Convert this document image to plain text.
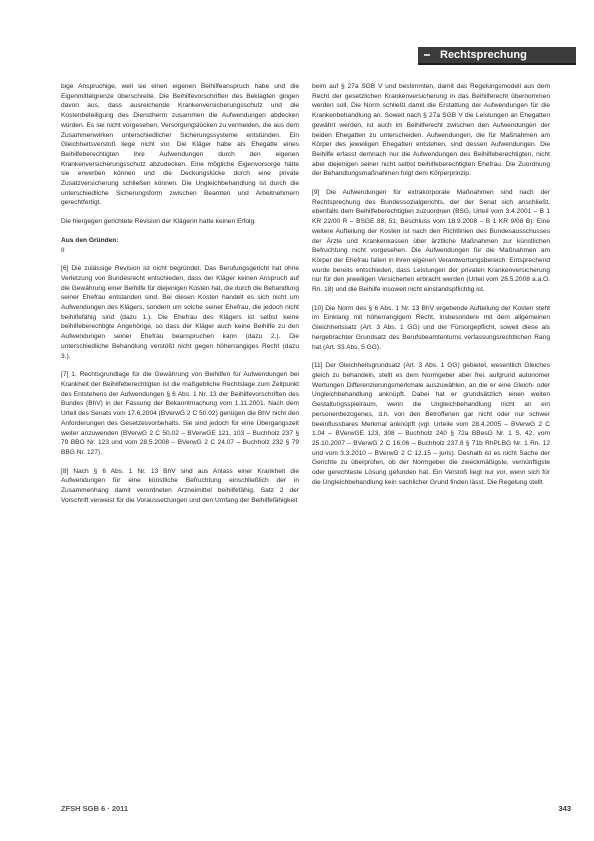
Rechtsprechung

bige Anspruchige, weil sie einen eigenen Beihilfeanspruch habe und die Eigenmittelgrenze überschreite. Die Beihilfevorschriften des Beklagten gingen davon aus, dass ausreichende Krankenversicherungsschutz und die Kostenbeteiligung des Dienstherrn zusammen die Aufwendungen abdecken würden. Es sei nicht vorgesehen, Versorgungslücken zu vermeiden, die aus dem Zusammenwirken unterschiedlicher Sicherungssysteme entstünden. Ein Gleichheitsverstoß liege nicht vor. Die Kläger habe als Ehegatte eines Beihilfeberechtigten ihre Aufwendungen durch den eigenen Krankenversicherungsschutz abzudecken. Eine mögliche Eigenvorsorge hätte sie erwerben können und die Deckungslücke durch eine private Zusatzversicherung schließen können. Die Ungleichbehandlung ist durch die unterschiedliche Sicherungsform zwischen Beamten und Arbeitnehmern gerechtfertigt.

Die hiergegen gerichtete Revision der Klägerin hatte keinen Erfolg.

Aus den Gründen:
II

[6] Die zulässige Revision ist nicht begründet. Das Berufungsgericht hat ohne Verletzung von Bundesrecht entschieden, dass der Kläger keinen Anspruch auf die Gewährung einer Beihilfe für diejenigen Kosten hat, die durch die Behandlung seiner Ehefrau entstanden sind. Bei diesen Kosten handelt es sich nicht um Aufwendungen des Klägers, sondern um solche seiner Ehefrau, die jedoch nicht beihilfefähig sind (dazu 1.). Die Ehefrau des Klägers ist selbst keine beihilfeberechtigte Angehörige, so dass der Kläger auch keine Beihilfe zu den Aufwendungen seiner Ehefrau beanspruchen kann (dazu 2.). Die unterschiedliche Behandlung verstößt nicht gegen höherrangiges Recht (dazu 3.).

[7] 1. Rechtsgrundlage für die Gewährung von Beihilfen für Aufwendungen bei Krankheit der Beihilfeberechtigten ist die maßgebliche Rechtslage zum Zeitpunkt des Entstehens der Aufwendungen § 6 Abs. 1 Nr. 13 der Beihilfevorschriften des Bundes (BhV) in der Fassung der Bekanntmachung vom 1.11.2001. Nach dem Urteil des Senats vom 17.6.2004 (BVerwG 2 C 50.02) genügen die BhV nicht den Anforderungen des Gesetzesvorbehalts. Sie sind jedoch für eine Übergangszeit weiter anzuwenden (BVerwG 2 C 50.02 – BVerwGE 121, 103 – Buchholz 237 § 79 BBG Nr. 123 und vom 28.5.2008 – BVerwG 2 C 24.07 – Buchholz 232 § 79 BBG Nr. 127).

[8] Nach § 6 Abs. 1 Nr. 13 BhV sind aus Anlass einer Krankheit die Aufwendungen für eine künstliche Befruchtung einschließlich der in Zusammenhang damit verordneten Arzneimittel beihilfefähig. Satz 2 der Vorschrift verweist für die Voraussetzungen und den Umfang der Beihilfefähigkeit

beim auf § 27a SGB V und bestimmten, damit das Regelungsmodell aus dem Recht der gesetzlichen Krankenversicherung in das Beihilferecht übernommen werden soll. Die Norm schließt damit die Erstattung der Aufwendungen für die Krankenbehandlung an. Soweit nach § 27a SGB V die Leistungen an Ehegatten gewährt werden, ist auch im Beihilferecht zwischen den Aufwendungen der beiden Ehegatten zu unterscheiden. Aufwendungen, die für Maßnahmen am Körper des jeweiligen Ehegatten entstehen, sind dessen Aufwendungen. Die Beihilfe erfasst demnach nur die Aufwendungen des Beihilfeberechtigten, nicht aber diejenigen seiner nicht selbst beihilfeberechtigten Ehefrau. Die Zuordnung der Behandlungsmaßnahmen folgt dem Körperprinzip.

[9] Die Aufwendungen für extrakorporale Maßnahmen sind nach der Rechtsprechung des Bundessozialgerichts, der der Senat sich anschließt, ebenfalls dem Beihilfeberechtigten zuzuordnen (BSG, Urteil vom 3.4.2001 – B 1 KR 22/00 R – BSGE 88, 51; Beschluss vom 18.9.2008 – B 1 KR 9/08 B). Eine weitere Aufteilung der Kosten ist nach den Richtlinien des Bundesausschusses der Ärzte und Krankenkassen über ärztliche Maßnahmen zur künstlichen Befruchtung nicht vorgesehen. Die Aufwendungen für die Maßnahmen am Körper der Ehefrau fallen in ihren eigenen Verantwortungsbereich. Entsprechend wurde bereits entschieden, dass Leistungen der privaten Krankenversicherung nur für den jeweiligen Versicherten erbracht werden (Urteil vom 28.5.2008 a.a.O. Rn. 18) und die Beihilfe insoweit nicht einstandspflichtig ist.

[10] Die Norm des § 6 Abs. 1 Nr. 13 BhV ergebende Aufteilung der Kosten steht im Einklang mit höherrangigem Recht, insbesondere mit dem allgemeinen Gleichheitssatz (Art. 3 Abs. 1 GG) und der Fürsorgepflicht, soweit diese als hergebrachter Grundsatz des Berufsbeamtentums verfassungsrechtlichen Rang hat (Art. 33 Abs. 5 GG).

[11] Der Gleichheitsgrundsatz (Art. 3 Abs. 1 GG) gebietet, wesentlich Gleiches gleich zu behandeln, stellt es dem Normgeber aber frei, aufgrund autonomer Wertungen Differenzierungsmerkmale auszuwählen, an die er eine Gleich- oder Ungleichbehandlung anknüpft. Dabei hat er grundsätzlich einen weiten Gestaltungsspielraum, wenn die Ungleichbehandlung nicht an ein personenbezogenes, d.h. von den Betroffenen gar nicht oder nur schwer beeinflussbares Merkmal anknüpft (vgl. Urteile vom 28.4.2005 – BVerwG 2 C 1.04 – BVerwGE 123, 308 – Buchholz 240 § 72a BBesG Nr. 1 S. 42, vom 25.10.2007 – BVerwG 2 C 16.06 – Buchholz 237.8 § 71b RhPLBG Nr. 1 Rn. 12 und vom 3.3.2010 – BVerwG 2 C 12.15 – juris). Deshalb ist es nicht Sache der Gerichte zu überprüfen, ob der Normgeber die zweckmäßigste, vernünftigste oder gerechteste Lösung gefunden hat. Ein Verstoß liegt nur vor, wenn sich für die Ungleichbehandlung kein sachlicher Grund finden lässt. Die Regelung stellt

ZFSH SGB 6 · 2011	343
